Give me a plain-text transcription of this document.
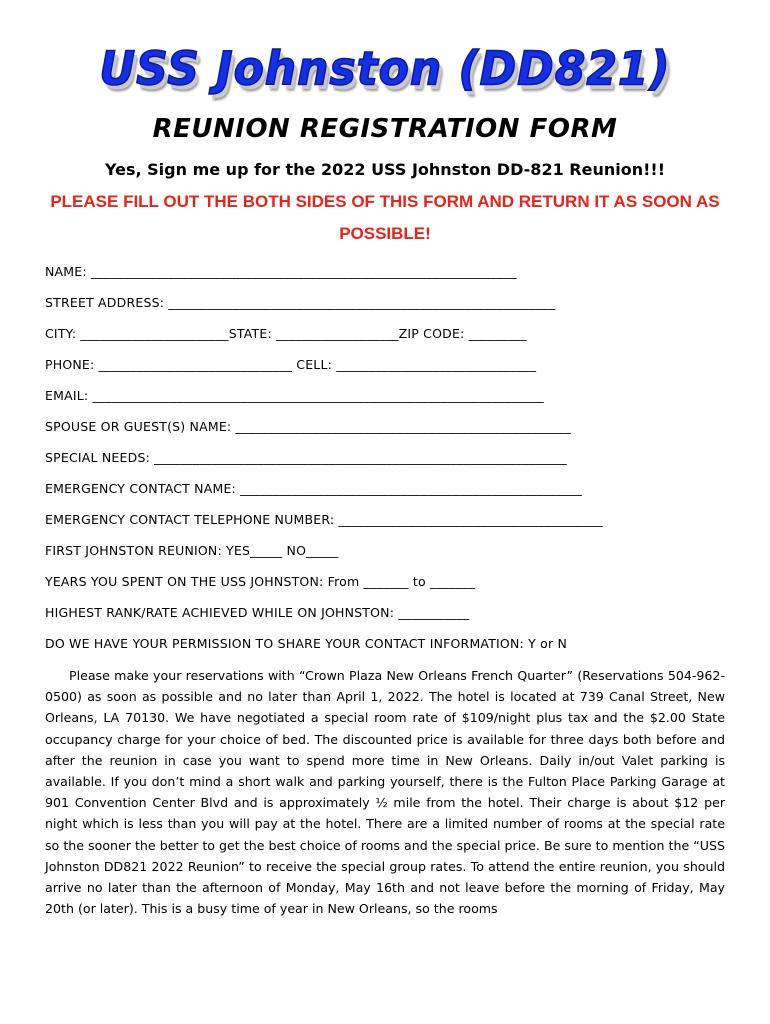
USS Johnston (DD821)
REUNION REGISTRATION FORM
Yes, Sign me up for the 2022 USS Johnston DD-821 Reunion!!!
PLEASE FILL OUT THE BOTH SIDES OF THIS FORM AND RETURN IT AS SOON AS POSSIBLE!
NAME: __________________________________________________________________
STREET ADDRESS: ____________________________________________________________
CITY: _______________________STATE: ___________________ZIP CODE: _________
PHONE: ______________________________ CELL: _______________________________
EMAIL: ______________________________________________________________________
SPOUSE OR GUEST(S) NAME: ____________________________________________________
SPECIAL NEEDS: ________________________________________________________________
EMERGENCY CONTACT NAME: _____________________________________________________
EMERGENCY CONTACT TELEPHONE NUMBER: _________________________________________
FIRST JOHNSTON REUNION: YES_____ NO_____
YEARS YOU SPENT ON THE USS JOHNSTON: From _______ to _______
HIGHEST RANK/RATE ACHIEVED WHILE ON JOHNSTON: ___________
DO WE HAVE YOUR PERMISSION TO SHARE YOUR CONTACT INFORMATION: Y or N
Please make your reservations with “Crown Plaza New Orleans French Quarter” (Reservations 504-962-0500) as soon as possible and no later than April 1, 2022. The hotel is located at 739 Canal Street, New Orleans, LA 70130. We have negotiated a special room rate of $109/night plus tax and the $2.00 State occupancy charge for your choice of bed. The discounted price is available for three days both before and after the reunion in case you want to spend more time in New Orleans. Daily in/out Valet parking is available. If you don’t mind a short walk and parking yourself, there is the Fulton Place Parking Garage at 901 Convention Center Blvd and is approximately ½ mile from the hotel. Their charge is about $12 per night which is less than you will pay at the hotel. There are a limited number of rooms at the special rate so the sooner the better to get the best choice of rooms and the special price. Be sure to mention the “USS Johnston DD821 2022 Reunion” to receive the special group rates. To attend the entire reunion, you should arrive no later than the afternoon of Monday, May 16th and not leave before the morning of Friday, May 20th (or later). This is a busy time of year in New Orleans, so the rooms
